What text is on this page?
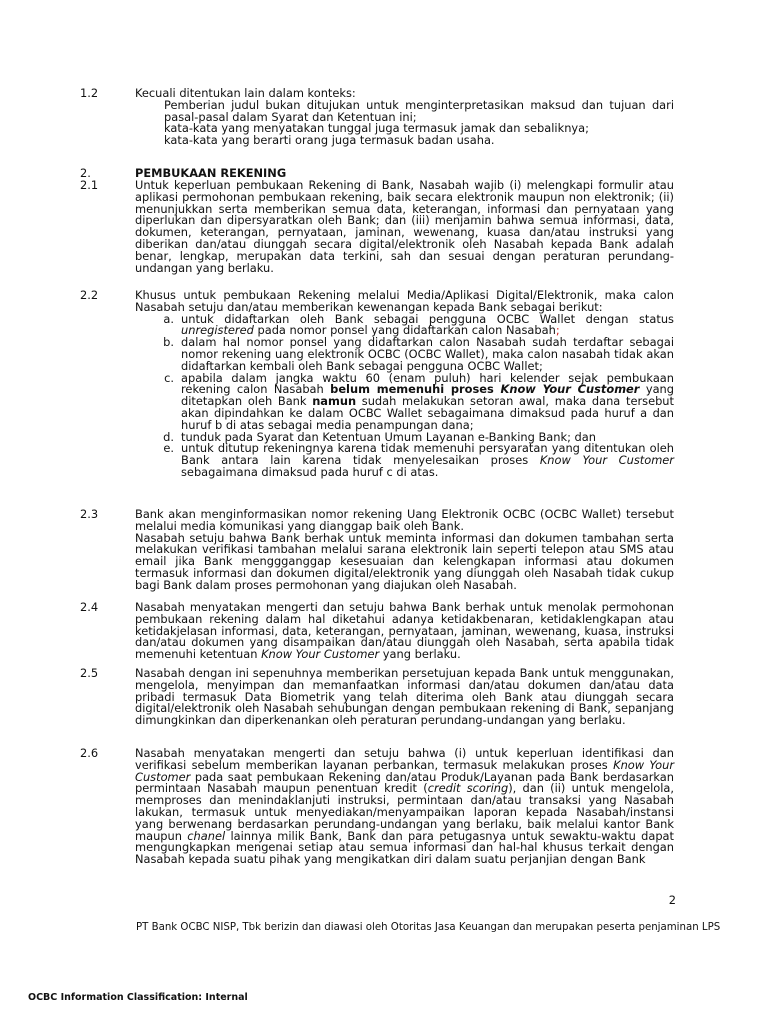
1.2	Kecuali ditentukan lain dalam konteks:
Pemberian judul bukan ditujukan untuk menginterpretasikan maksud dan tujuan dari pasal-pasal dalam Syarat dan Ketentuan ini;
kata-kata yang menyatakan tunggal juga termasuk jamak dan sebaliknya;
kata-kata yang berarti orang juga termasuk badan usaha.
2.	PEMBUKAAN REKENING
2.1	Untuk keperluan pembukaan Rekening di Bank, Nasabah wajib (i) melengkapi formulir atau aplikasi permohonan pembukaan rekening, baik secara elektronik maupun non elektronik; (ii) menunjukkan serta memberikan semua data, keterangan, informasi dan pernyataan yang diperlukan dan dipersyaratkan oleh Bank; dan (iii) menjamin bahwa semua informasi, data, dokumen, keterangan, pernyataan, jaminan, wewenang, kuasa dan/atau instruksi yang diberikan dan/atau diunggah secara digital/elektronik oleh Nasabah kepada Bank adalah benar, lengkap, merupakan data terkini, sah dan sesuai dengan peraturan perundang-undangan yang berlaku.
2.2	Khusus untuk pembukaan Rekening melalui Media/Aplikasi Digital/Elektronik, maka calon Nasabah setuju dan/atau memberikan kewenangan kepada Bank sebagai berikut:
a. untuk didaftarkan oleh Bank sebagai pengguna OCBC Wallet dengan status unregistered pada nomor ponsel yang didaftarkan calon Nasabah;
b. dalam hal nomor ponsel yang didaftarkan calon Nasabah sudah terdaftar sebagai nomor rekening uang elektronik OCBC (OCBC Wallet), maka calon nasabah tidak akan didaftarkan kembali oleh Bank sebagai pengguna OCBC Wallet;
c. apabila dalam jangka waktu 60 (enam puluh) hari kelender sejak pembukaan rekening calon Nasabah belum memenuhi proses Know Your Customer yang ditetapkan oleh Bank namun sudah melakukan setoran awal, maka dana tersebut akan dipindahkan ke dalam OCBC Wallet sebagaimana dimaksud pada huruf a dan huruf b di atas sebagai media penampungan dana;
d. tunduk pada Syarat dan Ketentuan Umum Layanan e-Banking Bank; dan
e. untuk ditutup rekeningnya karena tidak memenuhi persyaratan yang ditentukan oleh Bank antara lain karena tidak menyelesaikan proses Know Your Customer sebagaimana dimaksud pada huruf c di atas.
2.3	Bank akan menginformasikan nomor rekening Uang Elektronik OCBC (OCBC Wallet) tersebut melalui media komunikasi yang dianggap baik oleh Bank.
Nasabah setuju bahwa Bank berhak untuk meminta informasi dan dokumen tambahan serta melakukan verifikasi tambahan melalui sarana elektronik lain seperti telepon atau SMS atau email jika Bank menggganggap kesesuaian dan kelengkapan informasi atau dokumen termasuk informasi dan dokumen digital/elektronik yang diunggah oleh Nasabah tidak cukup bagi Bank dalam proses permohonan yang diajukan oleh Nasabah.
2.4	Nasabah menyatakan mengerti dan setuju bahwa Bank berhak untuk menolak permohonan pembukaan rekening dalam hal diketahui adanya ketidakbenaran, ketidaklengkapan atau ketidakjelasan informasi, data, keterangan, pernyataan, jaminan, wewenang, kuasa, instruksi dan/atau dokumen yang disampaikan dan/atau diunggah oleh Nasabah, serta apabila tidak memenuhi ketentuan Know Your Customer yang berlaku.
2.5	Nasabah dengan ini sepenuhnya memberikan persetujuan kepada Bank untuk menggunakan, mengelola, menyimpan dan memanfaatkan informasi dan/atau dokumen dan/atau data pribadi termasuk Data Biometrik yang telah diterima oleh Bank atau diunggah secara digital/elektronik oleh Nasabah sehubungan dengan pembukaan rekening di Bank, sepanjang dimungkinkan dan diperkenankan oleh peraturan perundang-undangan yang berlaku.
2.6	Nasabah menyatakan mengerti dan setuju bahwa (i) untuk keperluan identifikasi dan verifikasi sebelum memberikan layanan perbankan, termasuk melakukan proses Know Your Customer pada saat pembukaan Rekening dan/atau Produk/Layanan pada Bank berdasarkan permintaan Nasabah maupun penentuan kredit (credit scoring), dan (ii) untuk mengelola, memproses dan menindaklanjuti instruksi, permintaan dan/atau transaksi yang Nasabah lakukan, termasuk untuk menyediakan/menyampaikan laporan kepada Nasabah/instansi yang berwenang berdasarkan perundang-undangan yang berlaku, baik melalui kantor Bank maupun chanel lainnya milik Bank, Bank dan para petugasnya untuk sewaktu-waktu dapat mengungkapkan mengenai setiap atau semua informasi dan hal-hal khusus terkait dengan Nasabah kepada suatu pihak yang mengikatkan diri dalam suatu perjanjian dengan Bank
2
PT Bank OCBC NISP, Tbk berizin dan diawasi oleh Otoritas Jasa Keuangan dan merupakan peserta penjaminan LPS
OCBC Information Classification: Internal
